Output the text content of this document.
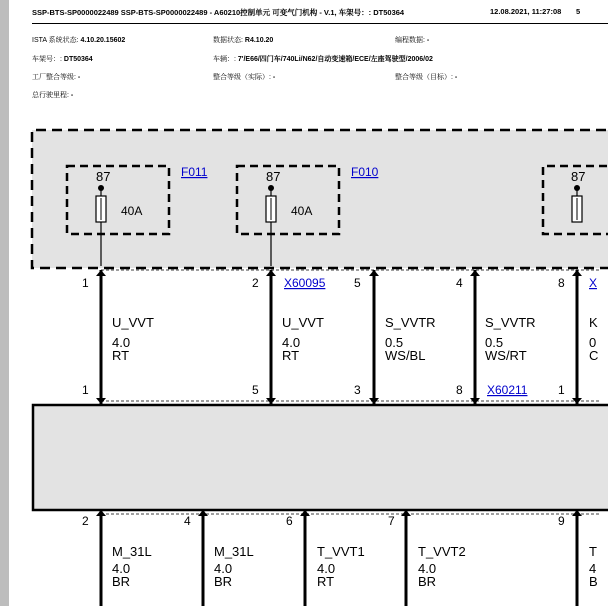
SSP-BTS-SP0000022489 SSP-BTS-SP0000022489 - A60210控制单元 可变气门机构 - V.1, 车架号：: DT50364	12.08.2021, 11:27:08 5
ISTA 系统状态: 4.10.20.15602	数据状态: R4.10.20	编程数据: -
车架号：: DT50364	车辆：: 7'/E66/四门车/740Li/N62/自动变速箱/ECE/左座驾驶型/2006/02
工厂整合等级: -	整合等级（实际）: -	整合等级（目标）: -
总行驶里程: -
87
40A
F011	87
40A
F010	87
1	2	5	4	8
X60095	X
U_VVT
4.0
RT
U_VVT
4.0
RT
S_VVTR
0.5
WS/BL
S_VVTR
0.5
WS/RT
K
0
C
1	5	3	8	1
X60211
2	4	6	7	9
M_31L
4.0
BR
M_31L
4.0
BR
T_VVT1
4.0
RT
T_VVT2
4.0
BR
T
4
B
